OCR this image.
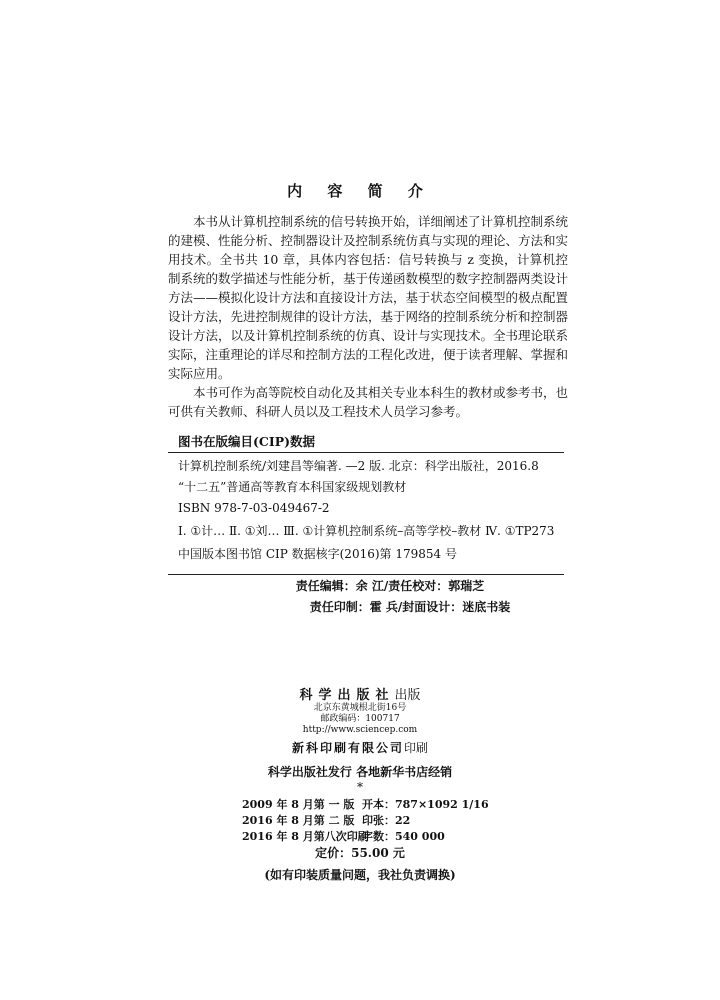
内 容 简 介

本书从计算机控制系统的信号转换开始，详细阐述了计算机控制系统的建模、性能分析、控制器设计及控制系统仿真与实现的理论、方法和实用技术。全书共 10 章，具体内容包括：信号转换与 z 变换，计算机控制系统的数学描述与性能分析，基于传递函数模型的数字控制器两类设计方法——模拟化设计方法和直接设计方法，基于状态空间模型的极点配置设计方法，先进控制规律的设计方法，基于网络的控制系统分析和控制器设计方法，以及计算机控制系统的仿真、设计与实现技术。全书理论联系实际，注重理论的详尽和控制方法的工程化改进，便于读者理解、掌握和实际应用。

本书可作为高等院校自动化及其相关专业本科生的教材或参考书，也可供有关教师、科研人员以及工程技术人员学习参考。

图书在版编目(CIP)数据
计算机控制系统/刘建昌等编著. —2 版. 北京：科学出版社，2016.8
“十二五”普通高等教育本科国家级规划教材
ISBN 978-7-03-049467-2
Ⅰ. ①计… Ⅱ. ①刘… Ⅲ. ①计算机控制系统–高等学校–教材 Ⅳ. ①TP273
中国版本图书馆 CIP 数据核字(2016)第 179854 号
责任编辑：余 江/责任校对：郭瑞芝
责任印制：霍 兵/封面设计：迷底书装
科学出版社出版
北京东黄城根北街16号
邮政编码：100717
http://www.sciencep.com
新科印刷有限公司印刷
科学出版社发行 各地新华书店经销
*
2009 年 8 月第 一 版 开本：787×1092 1/16
2016 年 8 月第 二 版 印张：22
2016 年 8 月第八次印刷字数：540 000
定价：55.00 元
(如有印装质量问题，我社负责调换)
